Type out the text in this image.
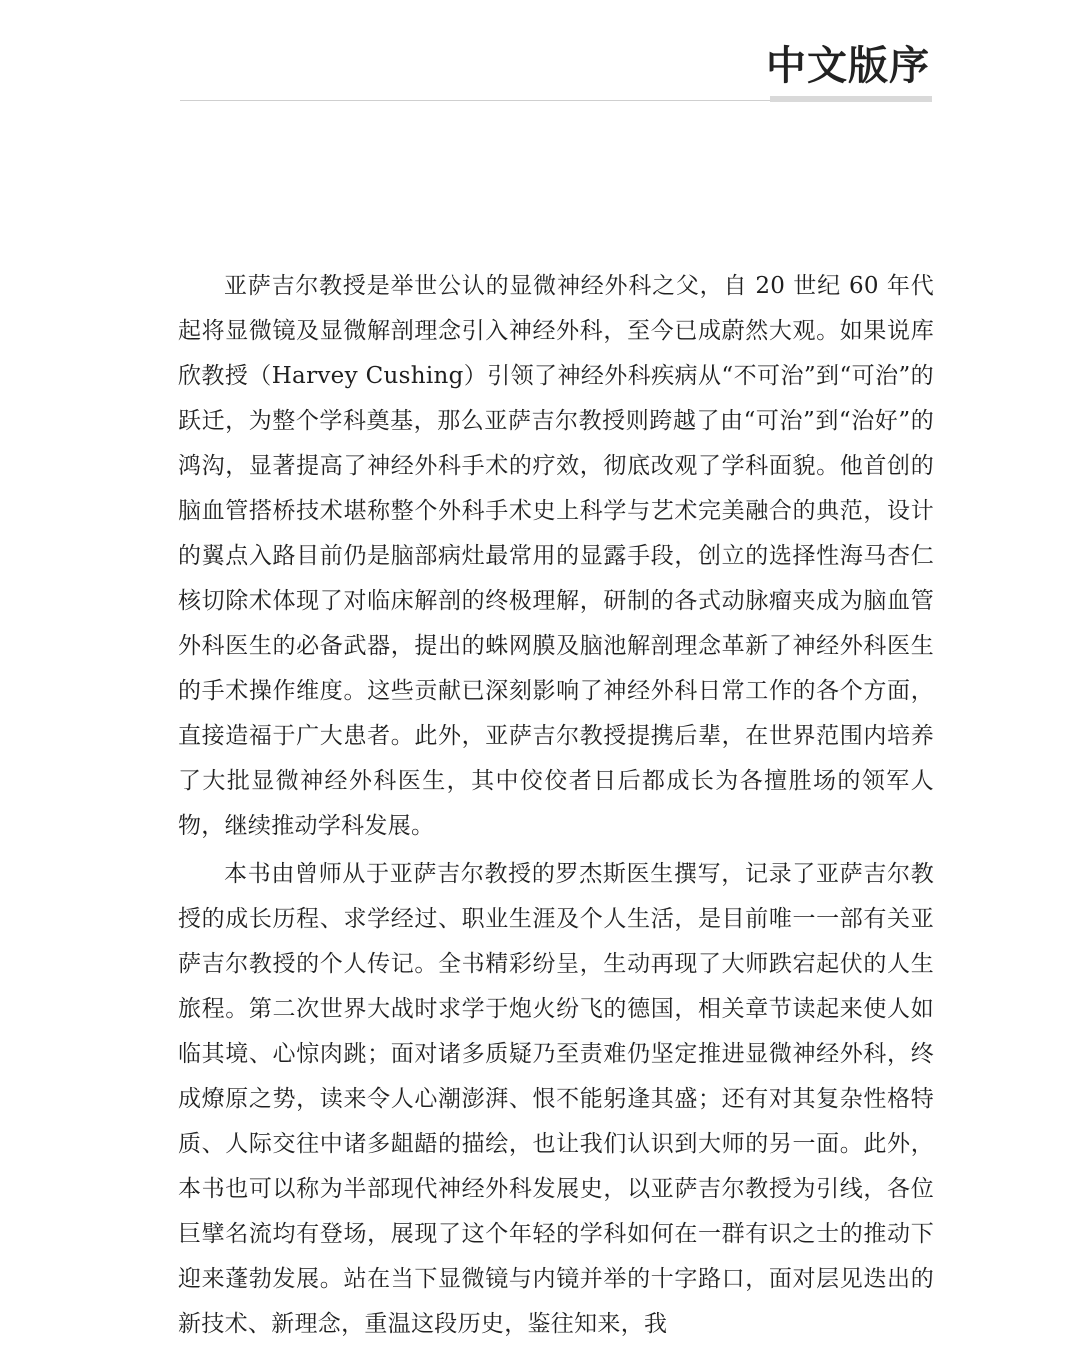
中文版序

亚萨吉尔教授是举世公认的显微神经外科之父，自 20 世纪 60 年代起将显微镜及显微解剖理念引入神经外科，至今已成蔚然大观。如果说库欣教授（Harvey Cushing）引领了神经外科疾病从“不可治”到“可治”的跃迁，为整个学科奠基，那么亚萨吉尔教授则跨越了由“可治”到“治好”的鸿沟，显著提高了神经外科手术的疗效，彻底改观了学科面貌。他首创的脑血管搭桥技术堪称整个外科手术史上科学与艺术完美融合的典范，设计的翼点入路目前仍是脑部病灶最常用的显露手段，创立的选择性海马杏仁核切除术体现了对临床解剖的终极理解，研制的各式动脉瘤夹成为脑血管外科医生的必备武器，提出的蛛网膜及脑池解剖理念革新了神经外科医生的手术操作维度。这些贡献已深刻影响了神经外科日常工作的各个方面，直接造福于广大患者。此外，亚萨吉尔教授提携后辈，在世界范围内培养了大批显微神经外科医生，其中佼佼者日后都成长为各擅胜场的领军人物，继续推动学科发展。

本书由曾师从于亚萨吉尔教授的罗杰斯医生撰写，记录了亚萨吉尔教授的成长历程、求学经过、职业生涯及个人生活，是目前唯一一部有关亚萨吉尔教授的个人传记。全书精彩纷呈，生动再现了大师跌宕起伏的人生旅程。第二次世界大战时求学于炮火纷飞的德国，相关章节读起来使人如临其境、心惊肉跳；面对诸多质疑乃至责难仍坚定推进显微神经外科，终成燎原之势，读来令人心潮澎湃、恨不能躬逢其盛；还有对其复杂性格特质、人际交往中诸多龃龉的描绘，也让我们认识到大师的另一面。此外，本书也可以称为半部现代神经外科发展史，以亚萨吉尔教授为引线，各位巨擘名流均有登场，展现了这个年轻的学科如何在一群有识之士的推动下迎来蓬勃发展。站在当下显微镜与内镜并举的十字路口，面对层见迭出的新技术、新理念，重温这段历史，鉴往知来，我
